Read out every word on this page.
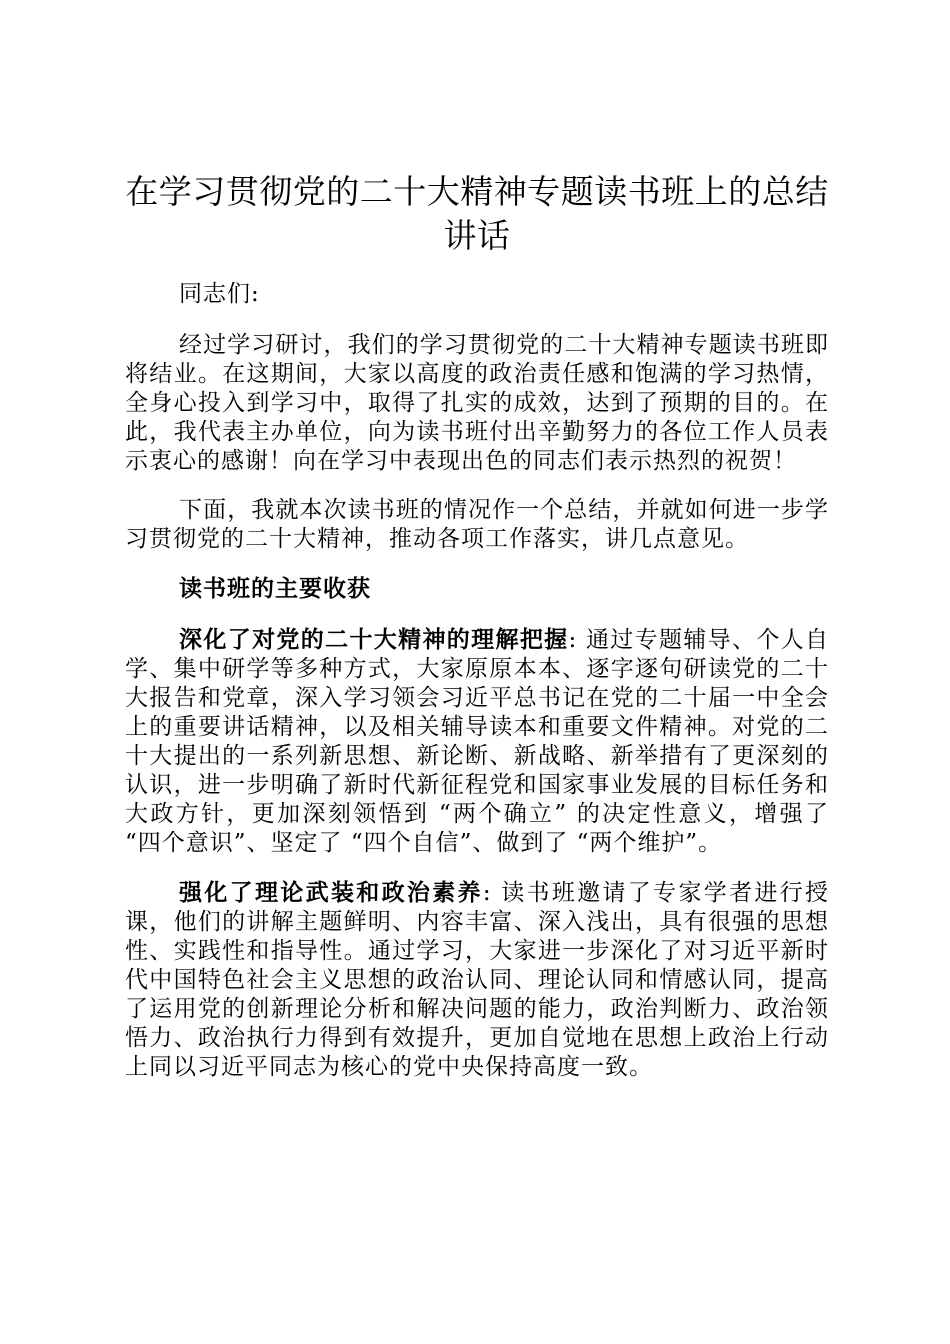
在学习贯彻党的二十大精神专题读书班上的总结讲话

同志们:

经过学习研讨，我们的学习贯彻党的二十大精神专题读书班即将结业。在这期间，大家以高度的政治责任感和饱满的学习热情，全身心投入到学习中，取得了扎实的成效，达到了预期的目的。在此，我代表主办单位，向为读书班付出辛勤努力的各位工作人员表示衷心的感谢！向在学习中表现出色的同志们表示热烈的祝贺！

下面，我就本次读书班的情况作一个总结，并就如何进一步学习贯彻党的二十大精神，推动各项工作落实，讲几点意见。

读书班的主要收获

深化了对党的二十大精神的理解把握: 通过专题辅导、个人自学、集中研学等多种方式，大家原原本本、逐字逐句研读党的二十大报告和党章，深入学习领会习近平总书记在党的二十届一中全会上的重要讲话精神，以及相关辅导读本和重要文件精神。对党的二十大提出的一系列新思想、新论断、新战略、新举措有了更深刻的认识，进一步明确了新时代新征程党和国家事业发展的目标任务和大政方针，更加深刻领悟到 “两个确立” 的决定性意义，增强了 “四个意识”、坚定了 “四个自信”、做到了 “两个维护”。

强化了理论武装和政治素养: 读书班邀请了专家学者进行授课，他们的讲解主题鲜明、内容丰富、深入浅出，具有很强的思想性、实践性和指导性。通过学习，大家进一步深化了对习近平新时代中国特色社会主义思想的政治认同、理论认同和情感认同，提高了运用党的创新理论分析和解决问题的能力，政治判断力、政治领悟力、政治执行力得到有效提升，更加自觉地在思想上政治上行动上同以习近平同志为核心的党中央保持高度一致。
